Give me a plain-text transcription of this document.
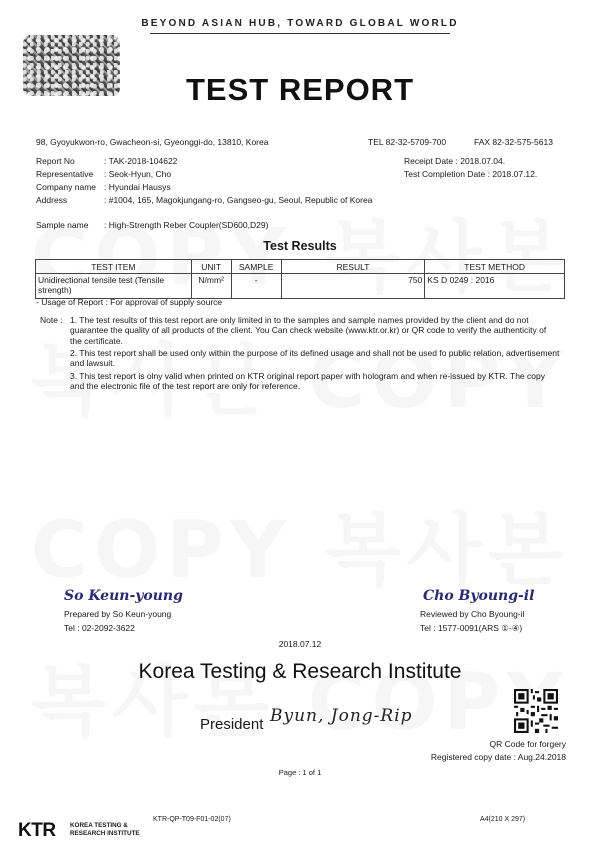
BEYOND ASIAN HUB, TOWARD GLOBAL WORLD
TEST REPORT
98, Gyoyukwon-ro, Gwacheon-si, Gyeonggi-do, 13810, Korea	TEL 82-32-5709-700	FAX 82-32-575-5613
Report No	: TAK-2018-104622
Representative : Seok-Hyun, Cho
Company name : Hyundai Hausys
Address	: #1004, 165, Magokjungang-ro, Gangseo-gu, Seoul, Republic of Korea
Receipt Date : 2018.07.04.
Test Completion Date : 2018.07.12.
Sample name : High-Strength Reber Coupler(SD600,D29)
Test Results
TEST ITEM	UNIT	SAMPLE	RESULT	TEST METHOD
Unidirectional tensile test (Tensile strength)	N/mm²	-	750	KS D 0249 : 2016
- Usage of Report : For approval of supply source
Note : 1. The test results of this test report are only limited in to the samples and sample names provided by the client and do not guarantee the quality of all products of the client. You Can check website (www.ktr.or.kr) or QR code to verify the authenticity of the certificate.
2. This test report shall be used only within the purpose of its defined usage and shall not be used fo public relation, advertisement and lawsuit.
3. This test report is olny valid when printed on KTR original report paper with hologram and when re-issued by KTR. The copy and the electronic file of the test report are only for reference.
So Keun-young
Prepared by So Keun-young
Tel : 02-2092-3622
Cho Byoung-il
Reviewed by Cho Byoung-il
Tel : 1577-0091(ARS ①-④)
2018.07.12
Korea Testing & Research Institute
President Byun, Jong-Rip
QR Code for forgery
Registered copy date : Aug.24.2018
Page : 1 of 1
KTR KOREA TESTING &
RESEARCH INSTITUTE
KTR-QP-T09-F01-02(07)	A4(210 X 297)
